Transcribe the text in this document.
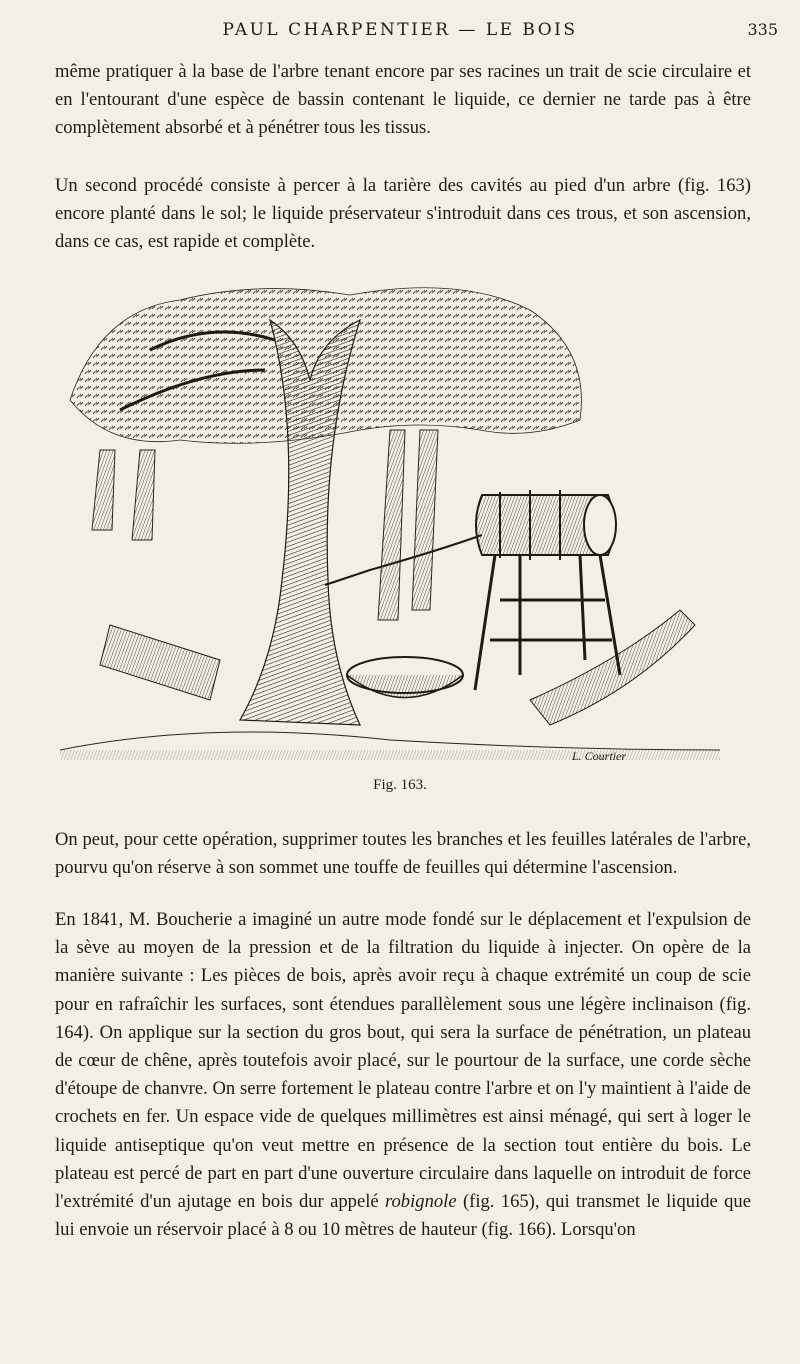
PAUL CHARPENTIER — LE BOIS	335

même pratiquer à la base de l'arbre tenant encore par ses racines un trait de scie circulaire et en l'entourant d'une espèce de bassin contenant le liquide, ce dernier ne tarde pas à être complètement absorbé et à pénétrer tous les tissus.

Un second procédé consiste à percer à la tarière des cavités au pied d'un arbre (fig. 163) encore planté dans le sol; le liquide préservateur s'introduit dans ces trous, et son ascension, dans ce cas, est rapide et complète.

L. Courtier
Fig. 163.

On peut, pour cette opération, supprimer toutes les branches et les feuilles latérales de l'arbre, pourvu qu'on réserve à son sommet une touffe de feuilles qui détermine l'ascension.

En 1841, M. Boucherie a imaginé un autre mode fondé sur le déplacement et l'expulsion de la sève au moyen de la pression et de la filtration du liquide à injecter. On opère de la manière suivante : Les pièces de bois, après avoir reçu à chaque extrémité un coup de scie pour en rafraîchir les surfaces, sont étendues parallèlement sous une légère inclinaison (fig. 164). On applique sur la section du gros bout, qui sera la surface de pénétration, un plateau de cœur de chêne, après toutefois avoir placé, sur le pourtour de la surface, une corde sèche d'étoupe de chanvre. On serre fortement le plateau contre l'arbre et on l'y maintient à l'aide de crochets en fer. Un espace vide de quelques millimètres est ainsi ménagé, qui sert à loger le liquide antiseptique qu'on veut mettre en présence de la section tout entière du bois. Le plateau est percé de part en part d'une ouverture circulaire dans laquelle on introduit de force l'extrémité d'un ajutage en bois dur appelé robignole (fig. 165), qui transmet le liquide que lui envoie un réservoir placé à 8 ou 10 mètres de hauteur (fig. 166). Lorsqu'on
